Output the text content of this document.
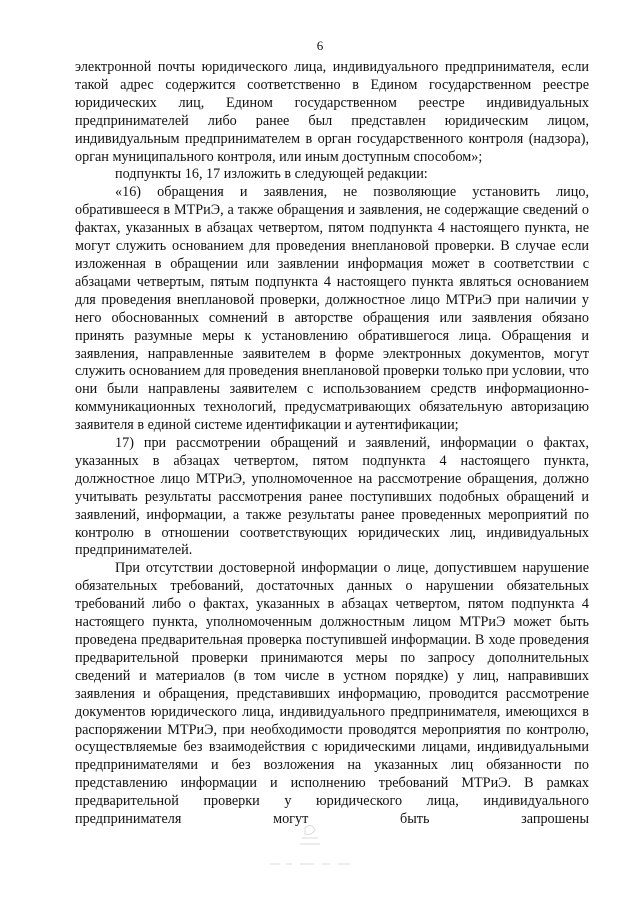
6

электронной почты юридического лица, индивидуального предпринимателя, если такой адрес содержится соответственно в Едином государственном реестре юридических лиц, Едином государственном реестре индивидуальных предпринимателей либо ранее был представлен юридическим лицом, индивидуальным предпринимателем в орган государственного контроля (надзора), орган муниципального контроля, или иным доступным способом»;

подпункты 16, 17 изложить в следующей редакции:

«16) обращения и заявления, не позволяющие установить лицо, обратившееся в МТРиЭ, а также обращения и заявления, не содержащие сведений о фактах, указанных в абзацах четвертом, пятом подпункта 4 настоящего пункта, не могут служить основанием для проведения внеплановой проверки. В случае если изложенная в обращении или заявлении информация может в соответствии с абзацами четвертым, пятым подпункта 4 настоящего пункта являться основанием для проведения внеплановой проверки, должностное лицо МТРиЭ при наличии у него обоснованных сомнений в авторстве обращения или заявления обязано принять разумные меры к установлению обратившегося лица. Обращения и заявления, направленные заявителем в форме электронных документов, могут служить основанием для проведения внеплановой проверки только при условии, что они были направлены заявителем с использованием средств информационно-коммуникационных технологий, предусматривающих обязательную авторизацию заявителя в единой системе идентификации и аутентификации;

17) при рассмотрении обращений и заявлений, информации о фактах, указанных в абзацах четвертом, пятом подпункта 4 настоящего пункта, должностное лицо МТРиЭ, уполномоченное на рассмотрение обращения, должно учитывать результаты рассмотрения ранее поступивших подобных обращений и заявлений, информации, а также результаты ранее проведенных мероприятий по контролю в отношении соответствующих юридических лиц, индивидуальных предпринимателей.

При отсутствии достоверной информации о лице, допустившем нарушение обязательных требований, достаточных данных о нарушении обязательных требований либо о фактах, указанных в абзацах четвертом, пятом подпункта 4 настоящего пункта, уполномоченным должностным лицом МТРиЭ может быть проведена предварительная проверка поступившей информации. В ходе проведения предварительной проверки принимаются меры по запросу дополнительных сведений и материалов (в том числе в устном порядке) у лиц, направивших заявления и обращения, представивших информацию, проводится рассмотрение документов юридического лица, индивидуального предпринимателя, имеющихся в распоряжении МТРиЭ, при необходимости проводятся мероприятия по контролю, осуществляемые без взаимодействия с юридическими лицами, индивидуальными предпринимателями и без возложения на указанных лиц обязанности по представлению информации и исполнению требований МТРиЭ. В рамках предварительной проверки у юридического лица, индивидуального предпринимателя могут быть запрошены
